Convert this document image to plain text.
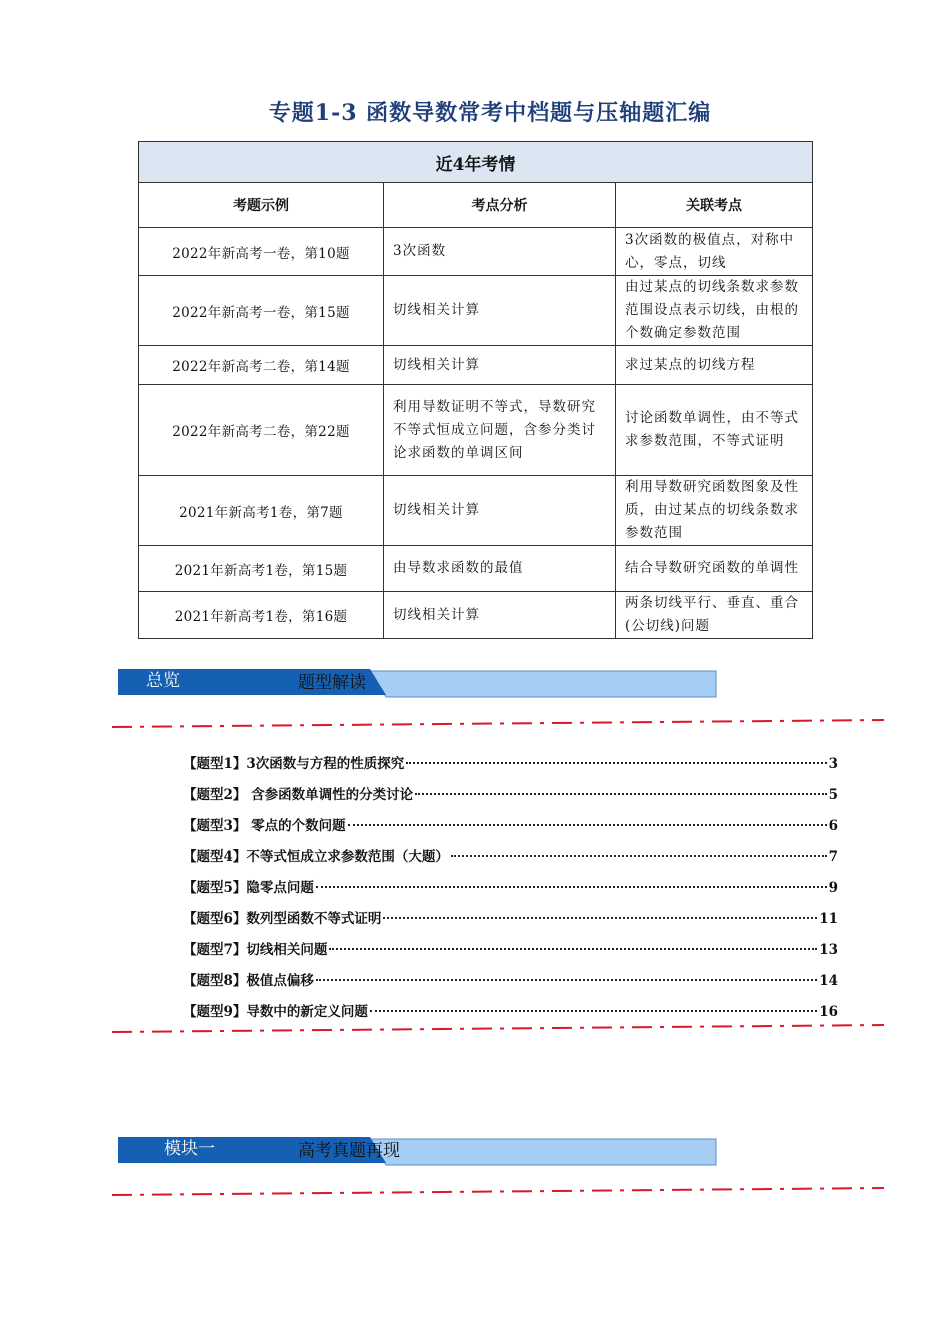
专题1-3 函数导数常考中档题与压轴题汇编
近4年考情		
考题示例	考点分析	关联考点
2022年新高考一卷，第10题	3次函数	3次函数的极值点，对称中心，零点，切线
2022年新高考一卷，第15题	切线相关计算	由过某点的切线条数求参数范围设点表示切线，由根的个数确定参数范围
2022年新高考二卷，第14题	切线相关计算	求过某点的切线方程
2022年新高考二卷，第22题	利用导数证明不等式，导数研究不等式恒成立问题，含参分类讨论求函数的单调区间	讨论函数单调性，由不等式求参数范围，不等式证明
2021年新高考1卷，第7题	切线相关计算	利用导数研究函数图象及性质，由过某点的切线条数求参数范围
2021年新高考1卷，第15题	由导数求函数的最值	结合导数研究函数的单调性
2021年新高考1卷，第16题	切线相关计算	两条切线平行、垂直、重合(公切线)问题
总览	题型解读
【题型1】3次函数与方程的性质探究	3
【题型2】 含参函数单调性的分类讨论	5
【题型3】 零点的个数问题	6
【题型4】不等式恒成立求参数范围（大题）	7
【题型5】隐零点问题	9
【题型6】数列型函数不等式证明	11
【题型7】切线相关问题	13
【题型8】极值点偏移	14
【题型9】导数中的新定义问题	16
模块一	高考真题再现
